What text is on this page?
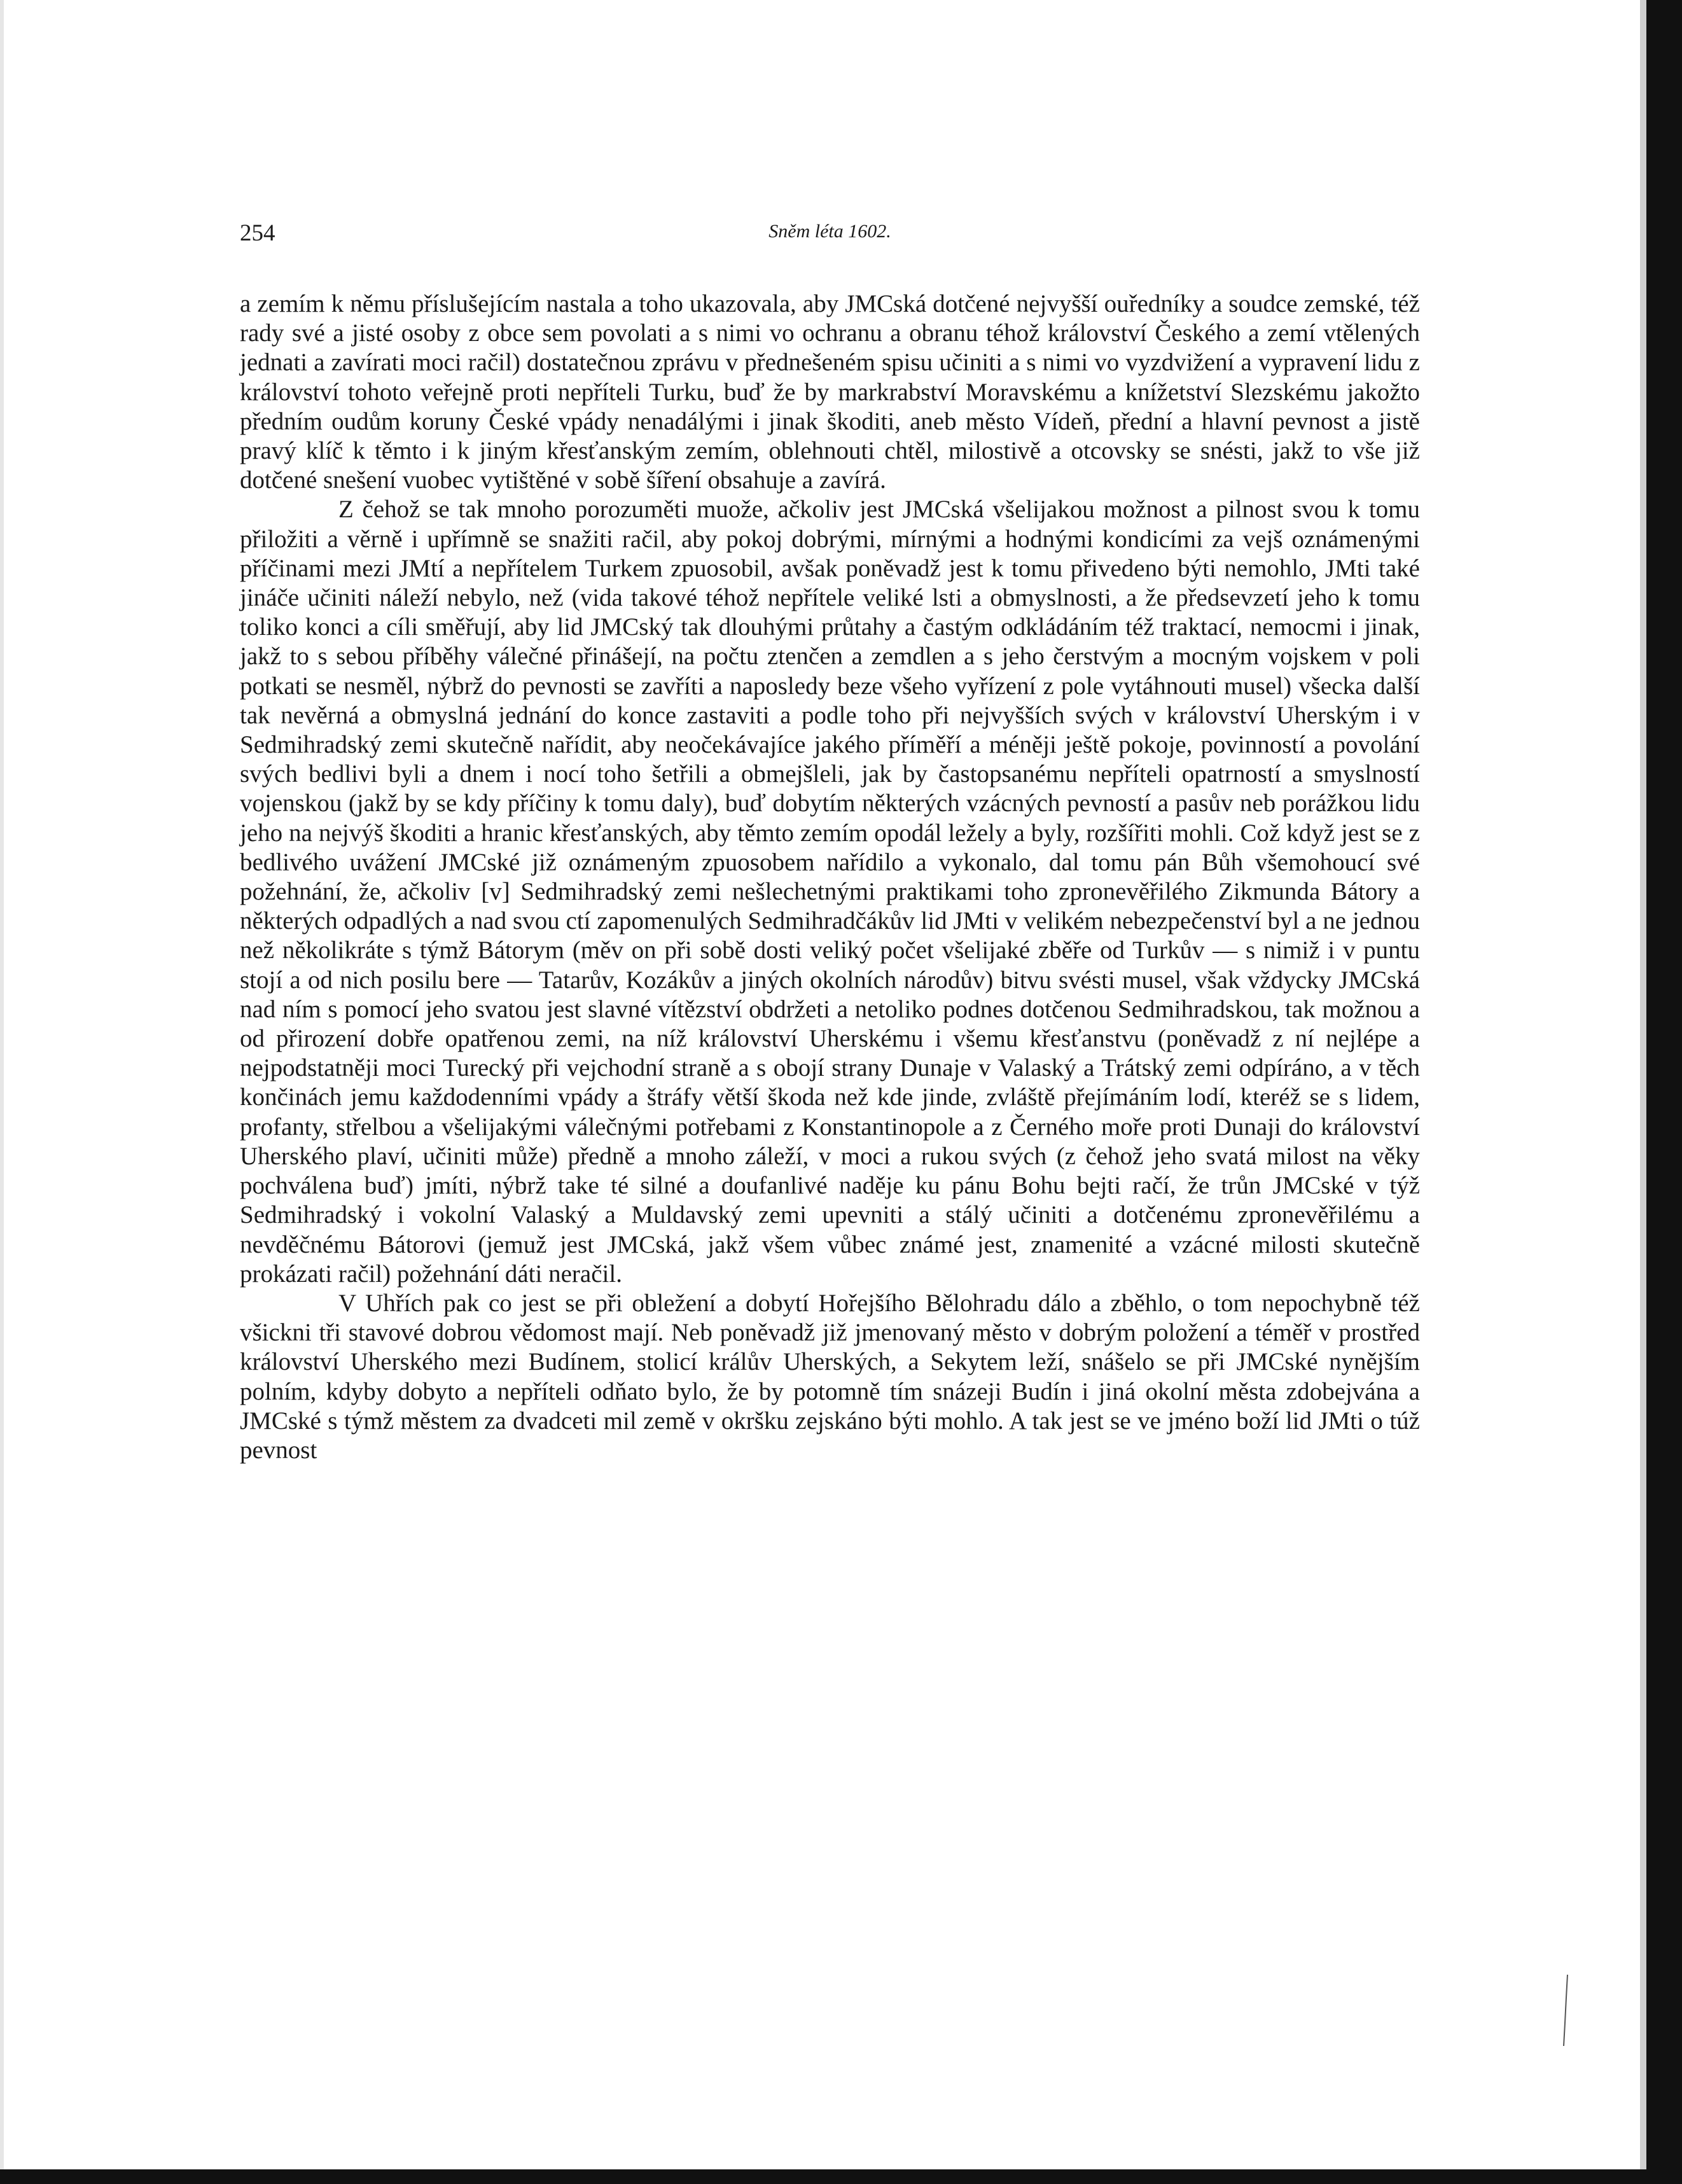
254	Sněm léta 1602.

a zemím k němu příslušejícím nastala a toho ukazovala, aby JMCská dotčené nejvyšší ouředníky a soudce zemské, též rady své a jisté osoby z obce sem povolati a s nimi vo ochranu a obranu téhož království Českého a zemí vtělených jednati a zavírati moci račil) dostatečnou zprávu v přednešeném spisu učiniti a s nimi vo vyzdvižení a vypravení lidu z království tohoto veřejně proti nepříteli Turku, buď že by markrabství Moravskému a knížetství Slezskému jakožto předním oudům koruny České vpády nenadálými i jinak škoditi, aneb město Vídeň, přední a hlavní pevnost a jistě pravý klíč k těmto i k jiným křesťanským zemím, oblehnouti chtěl, milostivě a otcovsky se snésti, jakž to vše již dotčené snešení vuobec vytištěné v sobě šíření obsahuje a zavírá.

Z čehož se tak mnoho porozuměti muože, ačkoliv jest JMCská všelijakou možnost a pilnost svou k tomu přiložiti a věrně i upřímně se snažiti račil, aby pokoj dobrými, mírnými a hodnými kondicími za vejš oznámenými příčinami mezi JMtí a nepřítelem Turkem zpuosobil, avšak poněvadž jest k tomu přivedeno býti nemohlo, JMti také jináče učiniti náleží nebylo, než (vida takové téhož nepřítele veliké lsti a obmyslnosti, a že předsevzetí jeho k tomu toliko konci a cíli směřují, aby lid JMCský tak dlouhými průtahy a častým odkládáním též traktací, nemocmi i jinak, jakž to s sebou příběhy válečné přinášejí, na počtu ztenčen a zemdlen a s jeho čerstvým a mocným vojskem v poli potkati se nesměl, nýbrž do pevnosti se zavříti a naposledy beze všeho vyřízení z pole vytáhnouti musel) všecka další tak nevěrná a obmyslná jednání do konce zastaviti a podle toho při nejvyšších svých v království Uherským i v Sedmihradský zemi skutečně nařídit, aby neočekávajíce jakého příměří a méněji ještě pokoje, povinností a povolání svých bedlivi byli a dnem i nocí toho šetřili a obmejšleli, jak by častopsanému nepříteli opatrností a smyslností vojenskou (jakž by se kdy příčiny k tomu daly), buď dobytím některých vzácných pevností a pasův neb porážkou lidu jeho na nejvýš škoditi a hranic křesťanských, aby těmto zemím opodál ležely a byly, rozšířiti mohli. Což když jest se z bedlivého uvážení JMCské již oznámeným zpuosobem nařídilo a vykonalo, dal tomu pán Bůh všemohoucí své požehnání, že, ačkoliv [v] Sedmihradský zemi nešlechetnými praktikami toho zpronevěřilého Zikmunda Bátory a některých odpadlých a nad svou ctí zapomenulých Sedmihradčákův lid JMti v velikém nebezpečenství byl a ne jednou než několikráte s týmž Bátorym (měv on při sobě dosti veliký počet všelijaké zběře od Turkův — s nimiž i v puntu stojí a od nich posilu bere — Tatarův, Kozákův a jiných okolních národův) bitvu svésti musel, však vždycky JMCská nad ním s pomocí jeho svatou jest slavné vítězství obdržeti a netoliko podnes dotčenou Sedmihradskou, tak možnou a od přirození dobře opatřenou zemi, na níž království Uherskému i všemu křesťanstvu (poněvadž z ní nejlépe a nejpodstatněji moci Turecký při vejchodní straně a s obojí strany Dunaje v Valaský a Trátský zemi odpíráno, a v těch končinách jemu každodenními vpády a štráfy větší škoda než kde jinde, zvláště přejímáním lodí, kteréž se s lidem, profanty, střelbou a všelijakými válečnými potřebami z Konstantinopole a z Černého moře proti Dunaji do království Uherského plaví, učiniti může) předně a mnoho záleží, v moci a rukou svých (z čehož jeho svatá milost na věky pochválena buď) jmíti, nýbrž take té silné a doufanlivé naděje ku pánu Bohu bejti račí, že trůn JMCské v týž Sedmihradský i vokolní Valaský a Muldavský zemi upevniti a stálý učiniti a dotčenému zpronevěřilému a nevděčnému Bátorovi (jemuž jest JMCská, jakž všem vůbec známé jest, znamenité a vzácné milosti skutečně prokázati račil) požehnání dáti neračil.

V Uhřích pak co jest se při obležení a dobytí Hořejšího Bělohradu dálo a zběhlo, o tom nepochybně též všickni tři stavové dobrou vědomost mají. Neb poněvadž již jmenovaný město v dobrým položení a téměř v prostřed království Uherského mezi Budínem, stolicí králův Uherských, a Sekytem leží, snášelo se při JMCské nynějším polním, kdyby dobyto a nepříteli odňato bylo, že by potomně tím snázeji Budín i jiná okolní města zdobejvána a JMCské s týmž městem za dvadceti mil země v okršku zejskáno býti mohlo. A tak jest se ve jméno boží lid JMti o túž pevnost
